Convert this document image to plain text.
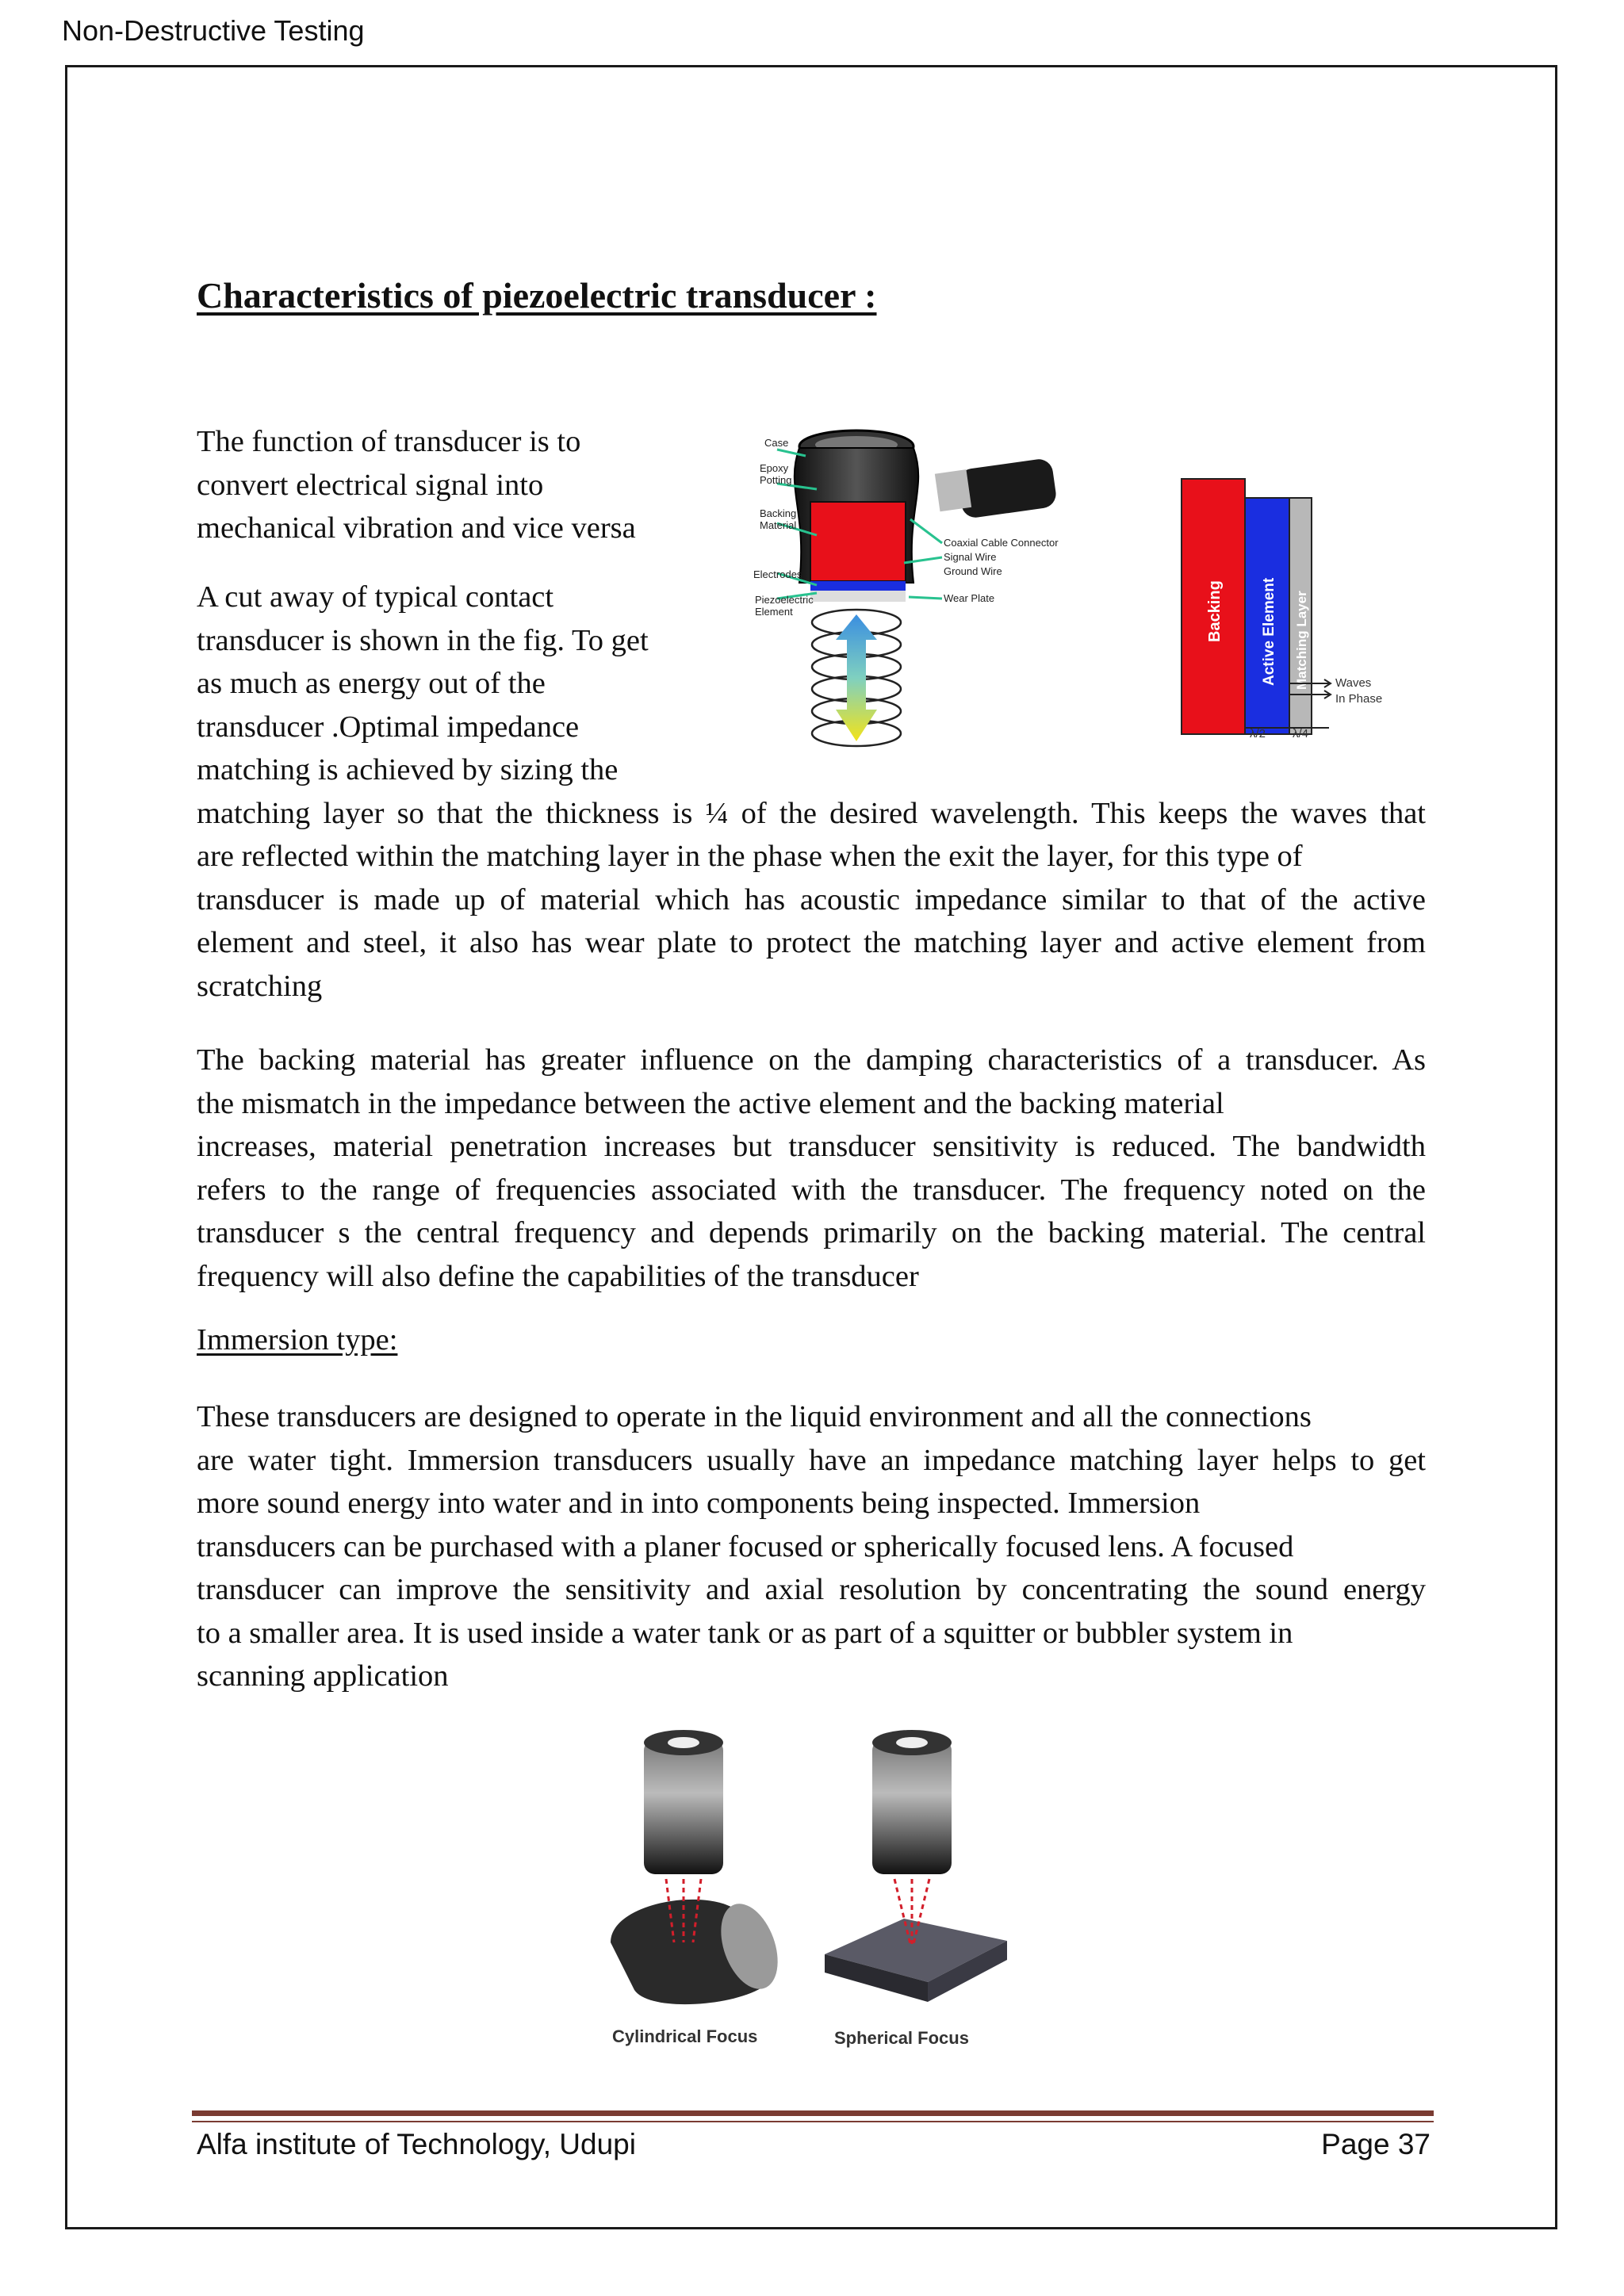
Non-Destructive Testing
Characteristics of piezoelectric transducer :
The function of transducer is to
convert electrical signal into
mechanical vibration and vice versa
A cut away of typical contact
transducer is shown in the fig. To get
as much as energy out of the
transducer .Optimal impedance
matching is achieved by sizing the
matching layer so that the thickness is ¼ of the desired wavelength. This keeps the waves that
are reflected within the matching layer in the phase when the exit the layer, for this type of
transducer is made up of material which has acoustic impedance similar to that of the active
element and steel, it also has wear plate to protect the matching layer and active element from
scratching
The backing material has greater influence on the damping characteristics of a transducer. As
the mismatch in the impedance between the active element and the backing material
increases, material penetration increases but transducer sensitivity is reduced. The bandwidth
refers to the range of frequencies associated with the transducer. The frequency noted on the
transducer s the central frequency and depends primarily on the backing material. The central
frequency will also define the capabilities of the transducer
Immersion type:
These transducers are designed to operate in the liquid environment and all the connections
are water tight. Immersion transducers usually have an impedance matching layer helps to get
more sound energy into water and in into components being inspected. Immersion
transducers can be purchased with a planer focused or spherically focused lens. A focused
transducer can improve the sensitivity and axial resolution by concentrating the sound energy
to a smaller area. It is used inside a water tank or as part of a squitter or bubbler system in
scanning application
Case
Epoxy
Potting
Backing
Material
Electrodes
Piezoelectric
Element
Coaxial Cable Connector
Signal Wire
Ground Wire
Wear Plate	Backing Active Element Matching Layer Waves
In Phase
λ/2 λ/4
Cylindrical Focus	Spherical Focus
Alfa institute of Technology, Udupi	Page 37
